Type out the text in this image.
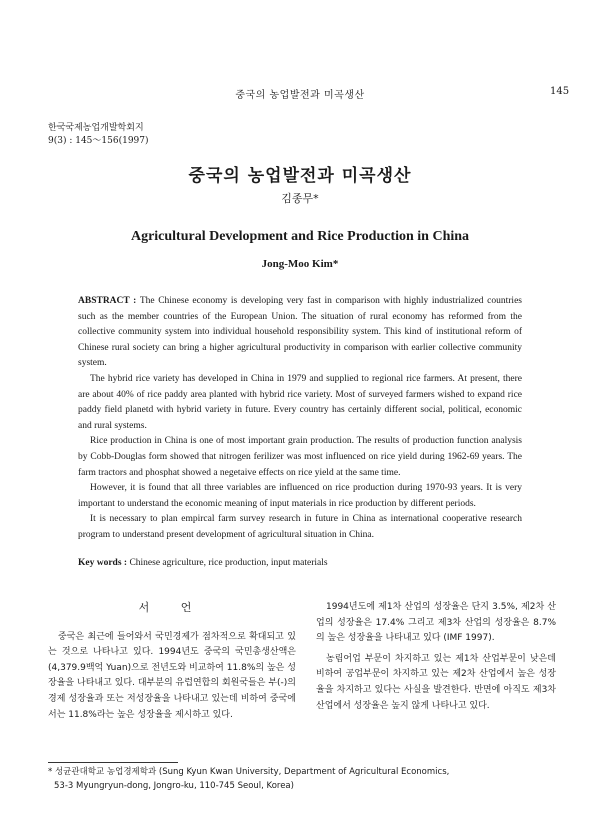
중국의 농업발전과 미곡생산	145
한국국제농업개발학회지
9(3) : 145～156(1997)
중국의 농업발전과 미곡생산
김종무*
Agricultural Development and Rice Production in China
Jong-Moo Kim*

ABSTRACT : The Chinese economy is developing very fast in comparison with highly industrialized countries such as the member countries of the European Union. The situation of rural economy has reformed from the collective community system into individual household responsibility system. This kind of institutional reform of Chinese rural society can bring a higher agricultural productivity in comparison with earlier collective community system.

The hybrid rice variety has developed in China in 1979 and supplied to regional rice farmers. At present, there are about 40% of rice paddy area planted with hybrid rice variety. Most of surveyed farmers wished to expand rice paddy field planetd with hybrid variety in future. Every country has certainly different social, political, economic and rural systems.

Rice production in China is one of most important grain production. The results of production function analysis by Cobb-Douglas form showed that nitrogen ferilizer was most influenced on rice yield during 1962-69 years. The farm tractors and phosphat showed a negetaive effects on rice yield at the same time.

However, it is found that all three variables are influenced on rice production during 1970-93 years. It is very important to understand the economic meaning of input materials in rice production by different periods.

It is necessary to plan empircal farm survey research in future in China as international cooperative research program to understand present development of agricultural situation in China.

Key words : Chinese agriculture, rice production, input materials
서 언

중국은 최근에 들어와서 국민경제가 점차적으로 확대되고 있는 것으로 나타나고 있다. 1994년도 중국의 국민총생산액은 (4,379.9백억 Yuan)으로 전년도와 비교하여 11.8%의 높은 성장율을 나타내고 있다. 대부분의 유럽연합의 회원국들은 부(-)의 경제 성장율과 또는 저성장율을 나타내고 있는데 비하여 중국에서는 11.8%라는 높은 성장율을 제시하고 있다.

1994년도에 제1차 산업의 성장율은 단지 3.5%, 제2차 산업의 성장율은 17.4% 그리고 제3차 산업의 성장율은 8.7%의 높은 성장율을 나타내고 있다 (IMF 1997).

농림어업 부문이 차지하고 있는 제1차 산업부문이 낮은데 비하여 공업부문이 차지하고 있는 제2차 산업에서 높은 성장율을 차지하고 있다는 사실을 발견한다. 반면에 아직도 제3차 산업에서 성장율은 높지 않게 나타나고 있다.

* 성균관대학교 농업경제학과 (Sung Kyun Kwan University, Department of Agricultural Economics,
53-3 Myungryun-dong, Jongro-ku, 110-745 Seoul, Korea)
